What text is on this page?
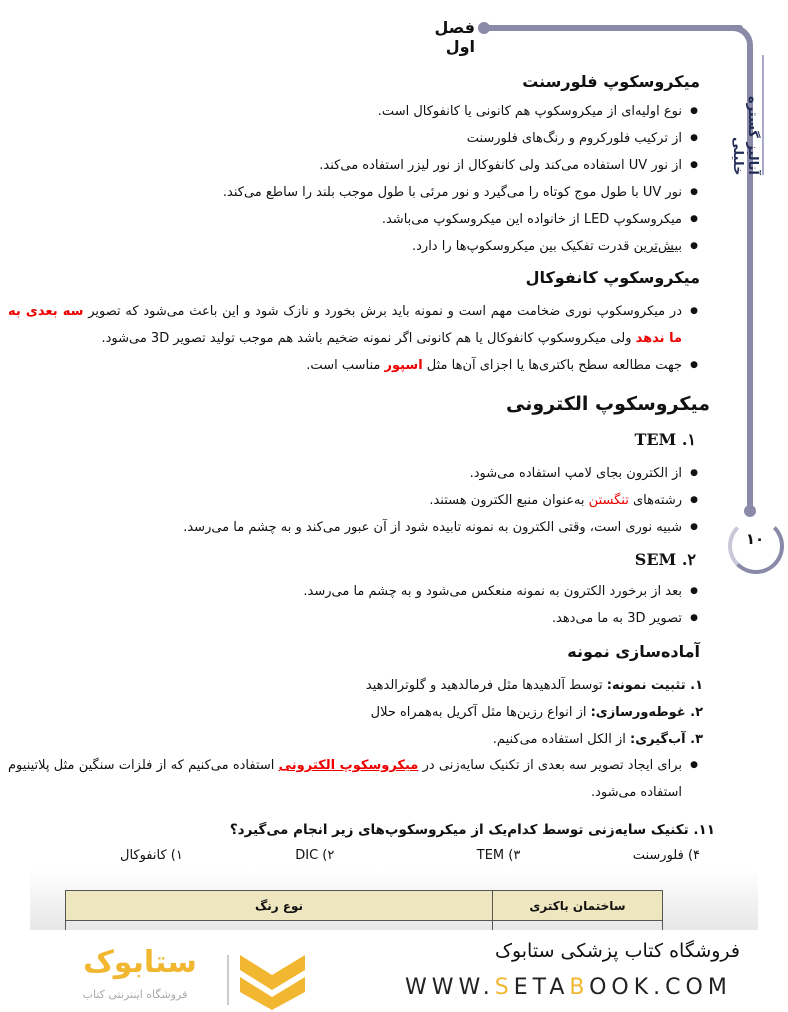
آنالیز گستره خلیلی
۱۰
فصل اول
میکروسکوپ فلورسنت
● نوع اولیه‌ای از میکروسکوپ هم کانونی یا کانفوکال است.
● از ترکیب فلورکروم و رنگ‌های فلورسنت
● از نور UV استفاده می‌کند ولی کانفوکال از نور لیزر استفاده می‌کند.
● نور UV با طول موج کوتاه را می‌گیرد و نور مرئی با طول موجب بلند را ساطع می‌کند.
● میکروسکوپ LED از خانواده این میکروسکوپ می‌باشد.
● بیش‌ترین قدرت تفکیک بین میکروسکوپ‌ها را دارد.
میکروسکوپ کانفوکال
● در میکروسکوپ نوری ضخامت مهم است و نمونه باید برش بخورد و نازک شود و این باعث می‌شود که تصویر سه بعدی به ما ندهد ولی میکروسکوپ کانفوکال یا هم کانونی اگر نمونه ضخیم باشد هم موجب تولید تصویر 3D می‌شود.
● جهت مطالعه سطح باکتری‌ها یا اجزای آن‌ها مثل اسپور مناسب است.
میکروسکوپ الکترونی
TEM .۱
● از الکترون بجای لامپ استفاده می‌شود.
● رشته‌های تنگستن به‌عنوان منبع الکترون هستند.
● شبیه نوری است، وقتی الکترون به نمونه تابیده شود از آن عبور می‌کند و به چشم ما می‌رسد.
SEM .۲
● بعد از برخورد الکترون به نمونه منعکس می‌شود و به چشم ما می‌رسد.
● تصویر 3D به ما می‌دهد.
آماده‌سازی نمونه
۱. تثبیت نمونه: توسط آلدهیدها مثل فرمالدهید و گلوترالدهید
۲. غوطه‌ورسازی: از انواع رزین‌ها مثل آکریل به‌همراه حلال
۳. آب‌گیری: از الکل استفاده می‌کنیم.
● برای ایجاد تصویر سه بعدی از تکنیک سایه‌زنی در میکروسکوپ الکترونی استفاده می‌کنیم که از فلزات سنگین مثل پلاتینیوم استفاده می‌شود.
۱۱. تکنیک سایه‌زنی توسط کدام‌یک از میکروسکوپ‌های زیر انجام می‌گیرد؟
۱) کانفوکال	۲) DIC	۳) TEM	۴) فلورسنت
ساختمان باکتری	نوع رنگ

فروشگاه کتاب پزشکی ستابوک
WWW.SETABOOK.COM
ستابوک
فروشگاه اینترنتی کتاب
